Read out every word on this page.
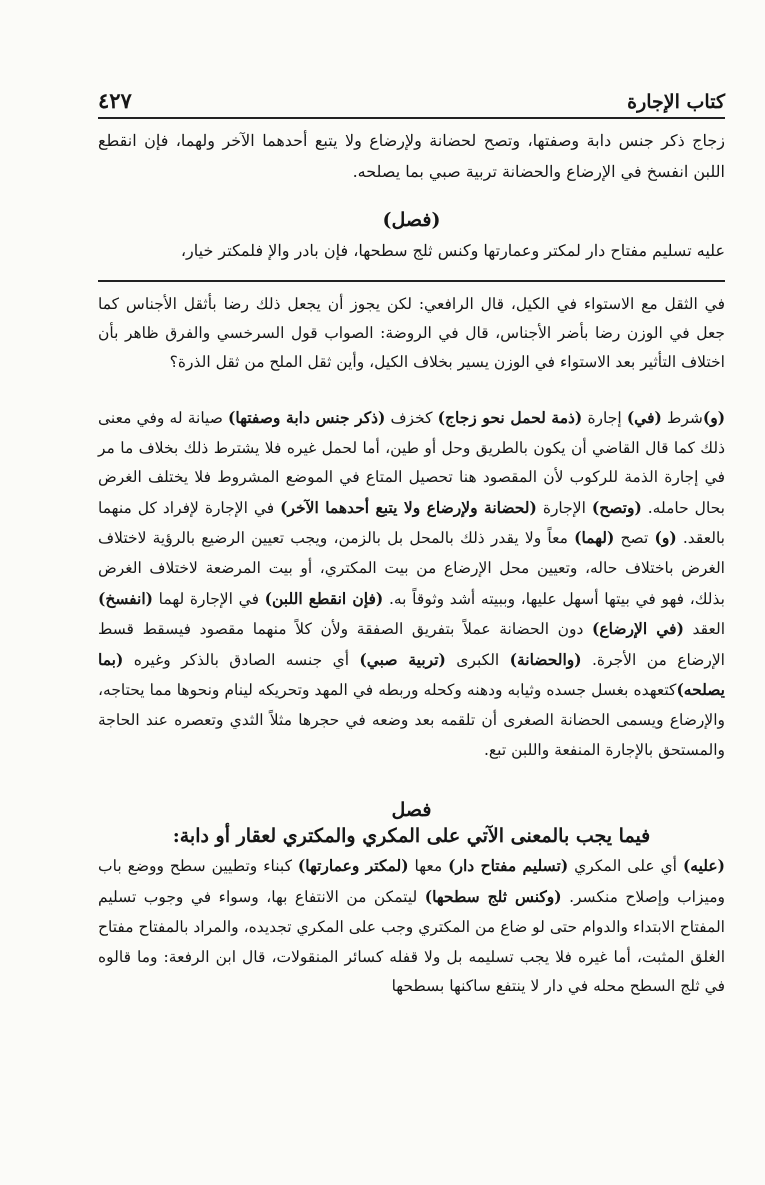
كتاب الإجارة
٤٢٧

زجاج ذكر جنس دابة وصفتها، وتصح لحضانة ولإرضاع ولا يتبع أحدهما الآخر ولهما، فإن انقطع اللبن انفسخ في الإرضاع والحضانة تربية صبي بما يصلحه.

(فصل)

عليه تسليم مفتاح دار لمكتر وعمارتها وكنس ثلج سطحها، فإن بادر والإ فلمكتر خيار،

في الثقل مع الاستواء في الكيل، قال الرافعي: لكن يجوز أن يجعل ذلك رضا بأثقل الأجناس كما جعل في الوزن رضا بأضر الأجناس، قال في الروضة: الصواب قول السرخسي والفرق ظاهر بأن اختلاف التأثير بعد الاستواء في الوزن يسير بخلاف الكيل، وأين ثقل الملح من ثقل الذرة؟

(و)شرط (في) إجارة (ذمة لحمل نحو زجاج) كخزف (ذكر جنس دابة وصفتها) صيانة له وفي معنى ذلك كما قال القاضي أن يكون بالطريق وحل أو طين، أما لحمل غيره فلا يشترط ذلك بخلاف ما مر في إجارة الذمة للركوب لأن المقصود هنا تحصيل المتاع في الموضع المشروط فلا يختلف الغرض بحال حامله. (وتصح) الإجارة (لحضانة ولإرضاع ولا يتبع أحدهما الآخر) في الإجارة لإفراد كل منهما بالعقد. (و) تصح (لهما) معاً ولا يقدر ذلك بالمحل بل بالزمن، ويجب تعيين الرضيع بالرؤية لاختلاف الغرض باختلاف حاله، وتعيين محل الإرضاع من بيت المكتري، أو بيت المرضعة لاختلاف الغرض بذلك، فهو في بيتها أسهل عليها، وببيته أشد وثوقاً به. (فإن انقطع اللبن) في الإجارة لهما (انفسخ) العقد (في الإرضاع) دون الحضانة عملاً بتفريق الصفقة ولأن كلاً منهما مقصود فيسقط قسط الإرضاع من الأجرة. (والحضانة) الكبرى (تربية صبي) أي جنسه الصادق بالذكر وغيره (بما يصلحه)كتعهده بغسل جسده وثيابه ودهنه وكحله وربطه في المهد وتحريكه لينام ونحوها مما يحتاجه، والإرضاع ويسمى الحضانة الصغرى أن تلقمه بعد وضعه في حجرها مثلاً الثدي وتعصره عند الحاجة والمستحق بالإجارة المنفعة واللبن تبع.

فصل
فيما يجب بالمعنى الآتي على المكري والمكتري لعقار أو دابة:

(عليه) أي على المكري (تسليم مفتاح دار) معها (لمكتر وعمارتها) كبناء وتطيين سطح ووضع باب وميزاب وإصلاح منكسر. (وكنس ثلج سطحها) ليتمكن من الانتفاع بها، وسواء في وجوب تسليم المفتاح الابتداء والدوام حتى لو ضاع من المكتري وجب على المكري تجديده، والمراد بالمفتاح مفتاح الغلق المثبت، أما غيره فلا يجب تسليمه بل ولا قفله كسائر المنقولات، قال ابن الرفعة: وما قالوه في ثلج السطح محله في دار لا ينتفع ساكنها بسطحها
